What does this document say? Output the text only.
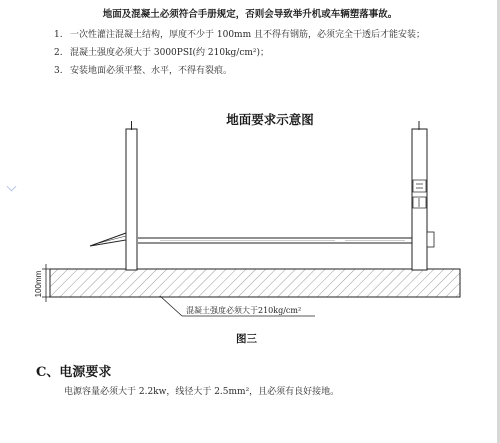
地面及混凝土必须符合手册规定，否则会导致举升机或车辆塑落事故。
1. 一次性灌注混凝土结构，厚度不少于 100mm 且不得有钢筋，必须完全干透后才能安装；
2. 混凝土强度必须大于 3000PSI(约 210kg/cm²)；
3. 安装地面必须平整、水平，不得有裂痕。
地面要求示意图
100mm
混凝土强度必须大于210kg/cm²
图三
C、电源要求
电源容量必须大于 2.2kw，线径大于 2.5mm²，且必须有良好接地。
